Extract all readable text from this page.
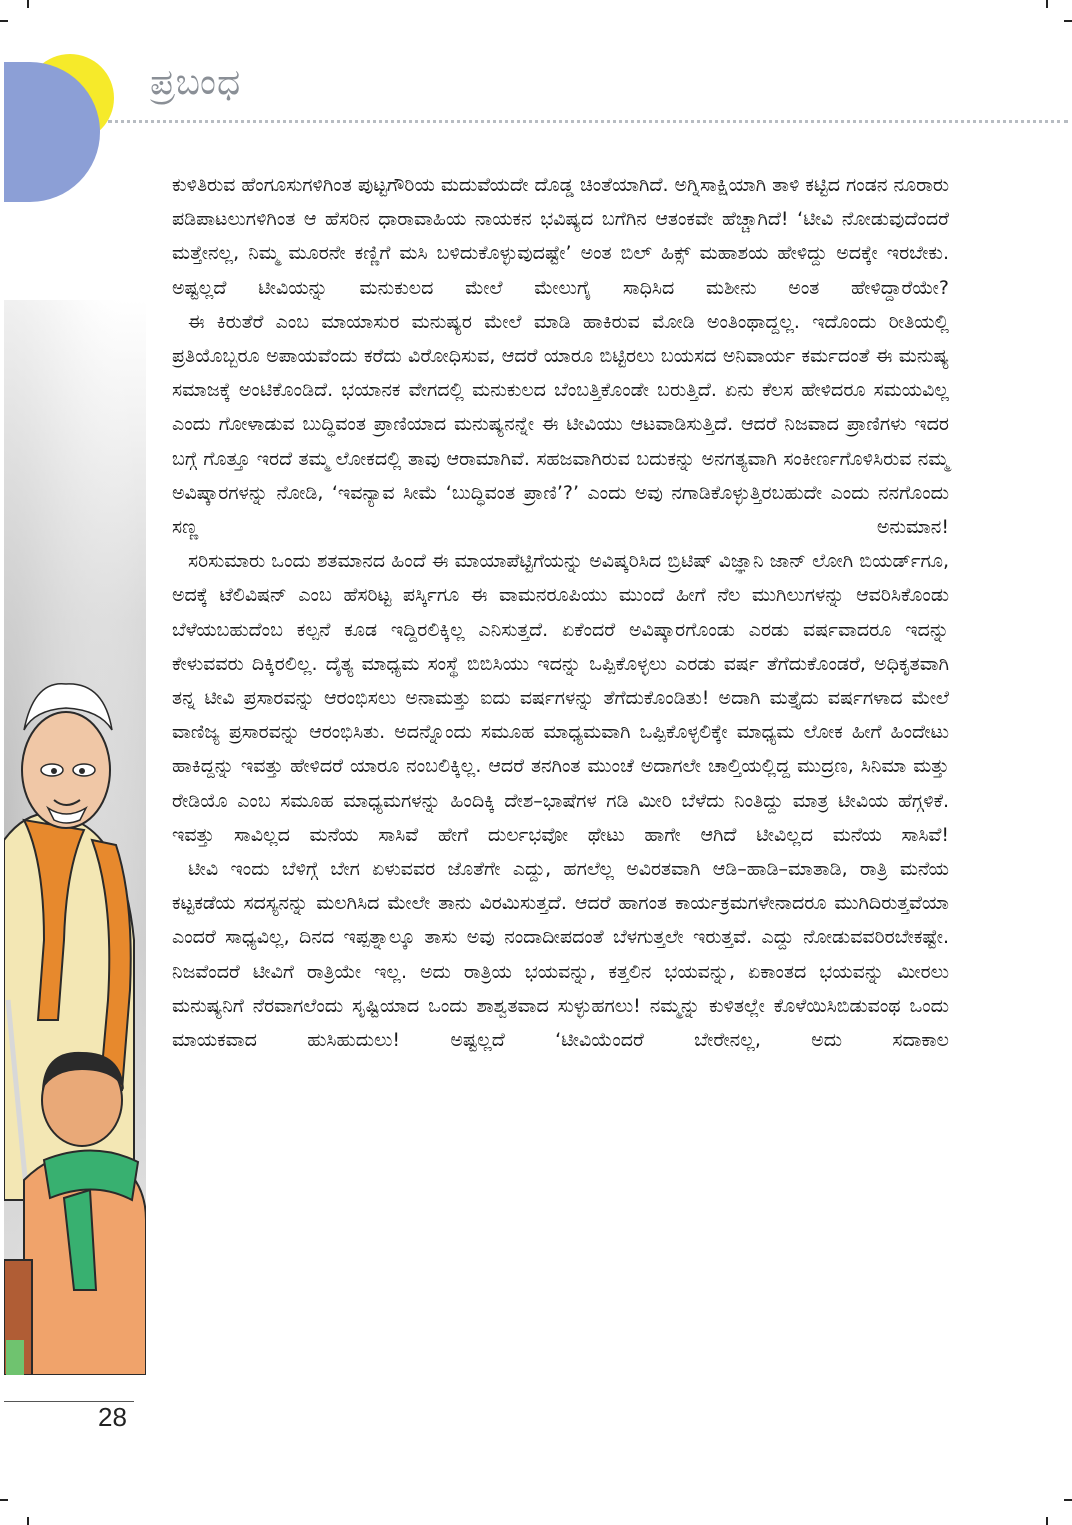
ಪ್ರಬಂಧ

ಕುಳಿತಿರುವ ಹೆಂಗೂಸುಗಳಿಗಿಂತ ಪುಟ್ಟಗೌರಿಯ ಮದುವೆಯದೇ ದೊಡ್ಡ ಚಿಂತೆಯಾಗಿದೆ. ಅಗ್ನಿಸಾಕ್ಷಿಯಾಗಿ ತಾಳಿ ಕಟ್ಟಿದ ಗಂಡನ ನೂರಾರು ಪಡಿಪಾಟಲುಗಳಿಗಿಂತ ಆ ಹೆಸರಿನ ಧಾರಾವಾಹಿಯ ನಾಯಕನ ಭವಿಷ್ಯದ ಬಗೆಗಿನ ಆತಂಕವೇ ಹೆಚ್ಚಾಗಿದೆ! ‘ಟೀವಿ ನೋಡುವುದೆಂದರೆ ಮತ್ತೇನಲ್ಲ, ನಿಮ್ಮ ಮೂರನೇ ಕಣ್ಣಿಗೆ ಮಸಿ ಬಳಿದುಕೊಳ್ಳುವುದಷ್ಟೇ’ ಅಂತ ಬಿಲ್ ಹಿಕ್ಸ್ ಮಹಾಶಯ ಹೇಳಿದ್ದು ಅದಕ್ಕೇ ಇರಬೇಕು. ಅಷ್ಟಲ್ಲದೆ ಟೀವಿಯನ್ನು ಮನುಕುಲದ ಮೇಲೆ ಮೇಲುಗೈ ಸಾಧಿಸಿದ ಮಶೀನು ಅಂತ ಹೇಳಿದ್ದಾರೆಯೇ?

ಈ ಕಿರುತೆರೆ ಎಂಬ ಮಾಯಾಸುರ ಮನುಷ್ಯರ ಮೇಲೆ ಮಾಡಿ ಹಾಕಿರುವ ಮೋಡಿ ಅಂತಿಂಥಾದ್ದಲ್ಲ. ಇದೊಂದು ರೀತಿಯಲ್ಲಿ ಪ್ರತಿಯೊಬ್ಬರೂ ಅಪಾಯವೆಂದು ಕರೆದು ವಿರೋಧಿಸುವ, ಆದರೆ ಯಾರೂ ಬಿಟ್ಟಿರಲು ಬಯಸದ ಅನಿವಾರ್ಯ ಕರ್ಮದಂತೆ ಈ ಮನುಷ್ಯ ಸಮಾಜಕ್ಕೆ ಅಂಟಿಕೊಂಡಿದೆ. ಭಯಾನಕ ವೇಗದಲ್ಲಿ ಮನುಕುಲದ ಬೆಂಬತ್ತಿಕೊಂಡೇ ಬರುತ್ತಿದೆ. ಏನು ಕೆಲಸ ಹೇಳಿದರೂ ಸಮಯವಿಲ್ಲ ಎಂದು ಗೋಳಾಡುವ ಬುದ್ಧಿವಂತ ಪ್ರಾಣಿಯಾದ ಮನುಷ್ಯನನ್ನೇ ಈ ಟೀವಿಯು ಆಟವಾಡಿಸುತ್ತಿದೆ. ಆದರೆ ನಿಜವಾದ ಪ್ರಾಣಿಗಳು ಇದರ ಬಗ್ಗೆ ಗೊತ್ತೂ ಇರದೆ ತಮ್ಮ ಲೋಕದಲ್ಲಿ ತಾವು ಆರಾಮಾಗಿವೆ. ಸಹಜವಾಗಿರುವ ಬದುಕನ್ನು ಅನಗತ್ಯವಾಗಿ ಸಂಕೀರ್ಣಗೊಳಿಸಿರುವ ನಮ್ಮ ಅವಿಷ್ಕಾರಗಳನ್ನು ನೋಡಿ, ‘ಇವನ್ಯಾವ ಸೀಮೆ ‘ಬುದ್ಧಿವಂತ ಪ್ರಾಣಿ’?’ ಎಂದು ಅವು ನಗಾಡಿಕೊಳ್ಳುತ್ತಿರಬಹುದೇ ಎಂದು ನನಗೊಂದು ಸಣ್ಣ ಅನುಮಾನ!

ಸರಿಸುಮಾರು ಒಂದು ಶತಮಾನದ ಹಿಂದೆ ಈ ಮಾಯಾಪೆಟ್ಟಿಗೆಯನ್ನು ಅವಿಷ್ಕರಿಸಿದ ಬ್ರಿಟಿಷ್ ವಿಜ್ಞಾನಿ ಜಾನ್ ಲೋಗಿ ಬಿಯರ್ಡ್‌ಗೂ, ಅದಕ್ಕೆ ಟೆಲಿವಿಷನ್ ಎಂಬ ಹೆಸರಿಟ್ಟ ಪರ್ಸ್ಕಿಗೂ ಈ ವಾಮನರೂಪಿಯು ಮುಂದೆ ಹೀಗೆ ನೆಲ ಮುಗಿಲುಗಳನ್ನು ಆವರಿಸಿಕೊಂಡು ಬೆಳೆಯಬಹುದೆಂಬ ಕಲ್ಪನೆ ಕೂಡ ಇದ್ದಿರಲಿಕ್ಕಿಲ್ಲ ಎನಿಸುತ್ತದೆ. ಏಕೆಂದರೆ ಅವಿಷ್ಕಾರಗೊಂಡು ಎರಡು ವರ್ಷವಾದರೂ ಇದನ್ನು ಕೇಳುವವರು ದಿಕ್ಕಿರಲಿಲ್ಲ. ದೈತ್ಯ ಮಾಧ್ಯಮ ಸಂಸ್ಥೆ ಬಿಬಿಸಿಯು ಇದನ್ನು ಒಪ್ಪಿಕೊಳ್ಳಲು ಎರಡು ವರ್ಷ ತೆಗೆದುಕೊಂಡರೆ, ಅಧಿಕೃತವಾಗಿ ತನ್ನ ಟೀವಿ ಪ್ರಸಾರವನ್ನು ಆರಂಭಿಸಲು ಅನಾಮತ್ತು ಐದು ವರ್ಷಗಳನ್ನು ತೆಗೆದುಕೊಂಡಿತು! ಅದಾಗಿ ಮತ್ತೈದು ವರ್ಷಗಳಾದ ಮೇಲೆ ವಾಣಿಜ್ಯ ಪ್ರಸಾರವನ್ನು ಆರಂಭಿಸಿತು. ಅದನ್ನೊಂದು ಸಮೂಹ ಮಾಧ್ಯಮವಾಗಿ ಒಪ್ಪಿಕೊಳ್ಳಲಿಕ್ಕೇ ಮಾಧ್ಯಮ ಲೋಕ ಹೀಗೆ ಹಿಂದೇಟು ಹಾಕಿದ್ದನ್ನು ಇವತ್ತು ಹೇಳಿದರೆ ಯಾರೂ ನಂಬಲಿಕ್ಕಿಲ್ಲ. ಆದರೆ ತನಗಿಂತ ಮುಂಚೆ ಅದಾಗಲೇ ಚಾಲ್ತಿಯಲ್ಲಿದ್ದ ಮುದ್ರಣ, ಸಿನಿಮಾ ಮತ್ತು ರೇಡಿಯೊ ಎಂಬ ಸಮೂಹ ಮಾಧ್ಯಮಗಳನ್ನು ಹಿಂದಿಕ್ಕಿ ದೇಶ–ಭಾಷೆಗಳ ಗಡಿ ಮೀರಿ ಬೆಳೆದು ನಿಂತಿದ್ದು ಮಾತ್ರ ಟೀವಿಯ ಹೆಗ್ಗಳಿಕೆ. ಇವತ್ತು ಸಾವಿಲ್ಲದ ಮನೆಯ ಸಾಸಿವೆ ಹೇಗೆ ದುರ್ಲಭವೋ ಥೇಟು ಹಾಗೇ ಆಗಿದೆ ಟೀವಿಲ್ಲದ ಮನೆಯ ಸಾಸಿವೆ!

ಟೀವಿ ಇಂದು ಬೆಳಿಗ್ಗೆ ಬೇಗ ಏಳುವವರ ಜೊತೆಗೇ ಎದ್ದು, ಹಗಲೆಲ್ಲ ಅವಿರತವಾಗಿ ಆಡಿ–ಹಾಡಿ–ಮಾತಾಡಿ, ರಾತ್ರಿ ಮನೆಯ ಕಟ್ಟಕಡೆಯ ಸದಸ್ಯನನ್ನು ಮಲಗಿಸಿದ ಮೇಲೇ ತಾನು ವಿರಮಿಸುತ್ತದೆ. ಆದರೆ ಹಾಗಂತ ಕಾರ್ಯಕ್ರಮಗಳೇನಾದರೂ ಮುಗಿದಿರುತ್ತವೆಯಾ ಎಂದರೆ ಸಾಧ್ಯವಿಲ್ಲ, ದಿನದ ಇಪ್ಪತ್ನಾಲ್ಕೂ ತಾಸು ಅವು ನಂದಾದೀಪದಂತೆ ಬೆಳಗುತ್ತಲೇ ಇರುತ್ತವೆ. ಎದ್ದು ನೋಡುವವರಿರಬೇಕಷ್ಟೇ. ನಿಜವೆಂದರೆ ಟೀವಿಗೆ ರಾತ್ರಿಯೇ ಇಲ್ಲ. ಅದು ರಾತ್ರಿಯ ಭಯವನ್ನು, ಕತ್ತಲಿನ ಭಯವನ್ನು, ಏಕಾಂತದ ಭಯವನ್ನು ಮೀರಲು ಮನುಷ್ಯನಿಗೆ ನೆರವಾಗಲೆಂದು ಸೃಷ್ಟಿಯಾದ ಒಂದು ಶಾಶ್ವತವಾದ ಸುಳ್ಳುಹಗಲು! ನಮ್ಮನ್ನು ಕುಳಿತಲ್ಲೇ ಕೊಳೆಯಿಸಿಬಿಡುವಂಥ ಒಂದು ಮಾಯಕವಾದ ಹುಸಿಹುದುಲು! ಅಷ್ಟಲ್ಲದೆ ‘ಟೀವಿಯೆಂದರೆ ಬೇರೇನಲ್ಲ, ಅದು ಸದಾಕಾಲ

28
